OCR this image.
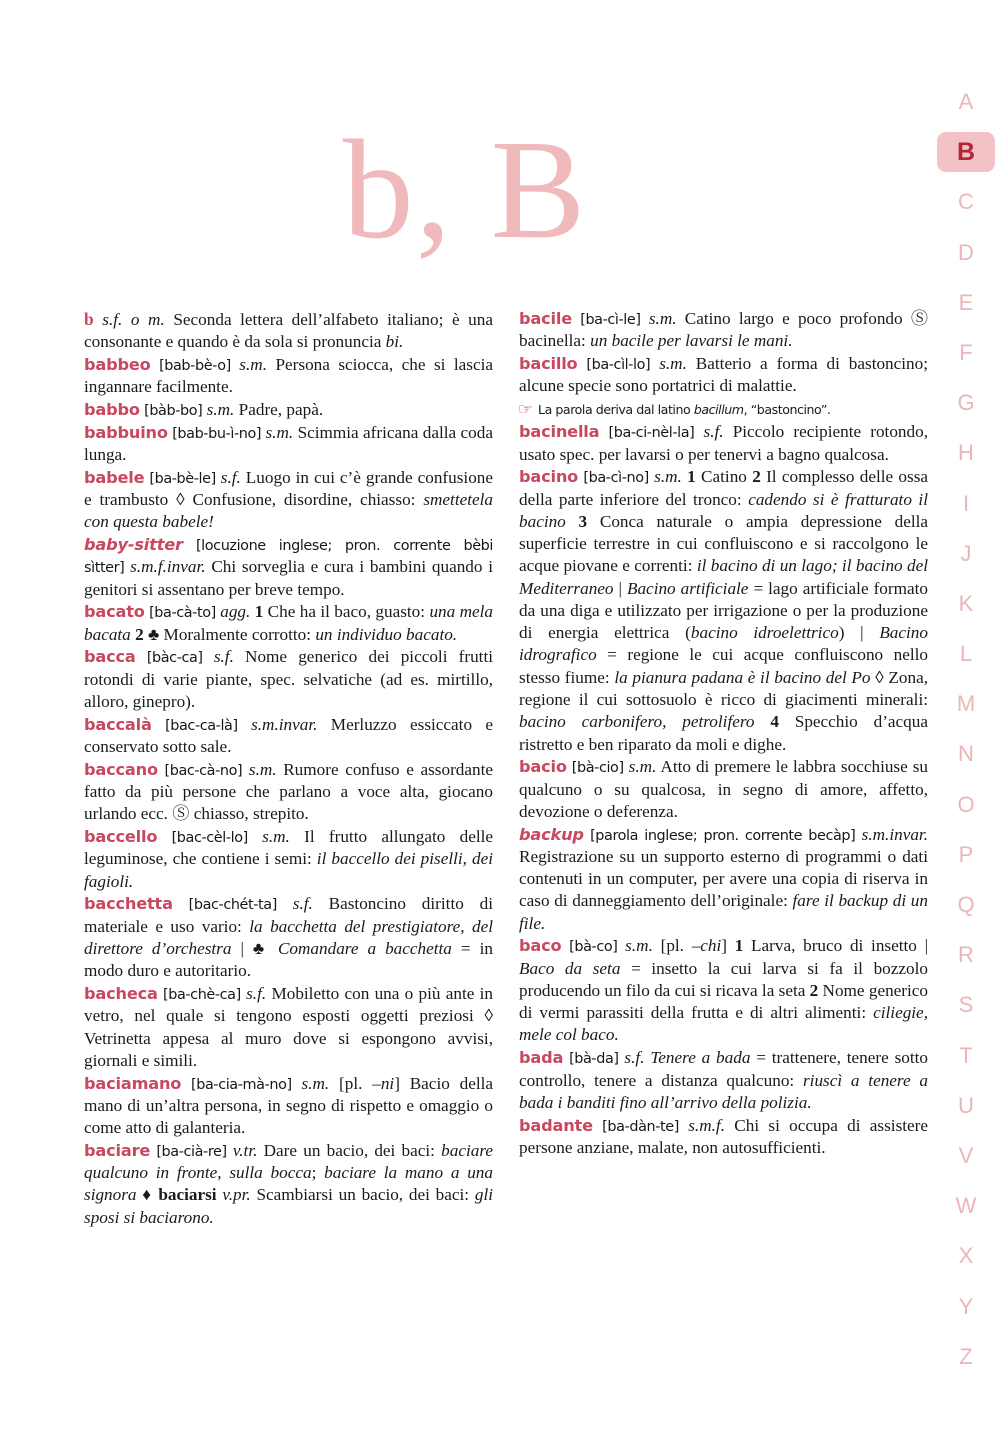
b, B

b s.f. o m. Seconda lettera dell’alfabeto italiano; è una consonante e quando è da sola si pronuncia bi.

babbeo [bab-bè-o] s.m. Persona sciocca, che si lascia ingannare facilmente.

babbo [bàb-bo] s.m. Padre, papà.

babbuino [bab-bu-ì-no] s.m. Scimmia africana dalla coda lunga.

babele [ba-bè-le] s.f. Luogo in cui c’è grande confusione e trambusto ◊ Confusione, disordine, chiasso: smettetela con questa babele!

baby-sitter [locuzione inglese; pron. corrente bèbi sìtter] s.m.f.invar. Chi sorveglia e cura i bambini quando i genitori si assentano per breve tempo.

bacato [ba-cà-to] agg. 1 Che ha il baco, guasto: una mela bacata 2 ♣ Moralmente corrotto: un individuo bacato.

bacca [bàc-ca] s.f. Nome generico dei piccoli frutti rotondi di varie piante, spec. selvatiche (ad es. mirtillo, alloro, ginepro).

baccalà [bac-ca-là] s.m.invar. Merluzzo essiccato e conservato sotto sale.

baccano [bac-cà-no] s.m. Rumore confuso e assordante fatto da più persone che parlano a voce alta, giocano urlando ecc. Ⓢ chiasso, strepito.

baccello [bac-cèl-lo] s.m. Il frutto allungato delle leguminose, che contiene i semi: il baccello dei piselli, dei fagioli.

bacchetta [bac-chét-ta] s.f. Bastoncino diritto di materiale e uso vario: la bacchetta del prestigiatore, del direttore d’orchestra | ♣ Comandare a bacchetta = in modo duro e autoritario.

bacheca [ba-chè-ca] s.f. Mobiletto con una o più ante in vetro, nel quale si tengono esposti oggetti preziosi ◊ Vetrinetta appesa al muro dove si espongono avvisi, giornali e simili.

baciamano [ba-cia-mà-no] s.m. [pl. –ni] Bacio della mano di un’altra persona, in segno di rispetto e omaggio o come atto di galanteria.

baciare [ba-cià-re] v.tr. Dare un bacio, dei baci: baciare qualcuno in fronte, sulla bocca; baciare la mano a una signora ♦ baciarsi v.pr. Scambiarsi un bacio, dei baci: gli sposi si baciarono.

bacile [ba-cì-le] s.m. Catino largo e poco profondo Ⓢ bacinella: un bacile per lavarsi le mani.

bacillo [ba-cìl-lo] s.m. Batterio a forma di bastoncino; alcune specie sono portatrici di malattie.

☞ La parola deriva dal latino bacillum, “bastoncino”.

bacinella [ba-ci-nèl-la] s.f. Piccolo recipiente rotondo, usato spec. per lavarsi o per tenervi a bagno qualcosa.

bacino [ba-cì-no] s.m. 1 Catino 2 Il complesso delle ossa della parte inferiore del tronco: cadendo si è fratturato il bacino 3 Conca naturale o ampia depressione della superficie terrestre in cui confluiscono e si raccolgono le acque piovane e correnti: il bacino di un lago; il bacino del Mediterraneo | Bacino artificiale = lago artificiale formato da una diga e utilizzato per irrigazione o per la produzione di energia elettrica (bacino idroelettrico) | Bacino idrografico = regione le cui acque confluiscono nello stesso fiume: la pianura padana è il bacino del Po ◊ Zona, regione il cui sottosuolo è ricco di giacimenti minerali: bacino carbonifero, petrolifero 4 Specchio d’acqua ristretto e ben riparato da moli e dighe.

bacio [bà-cio] s.m. Atto di premere le labbra socchiuse su qualcuno o su qualcosa, in segno di amore, affetto, devozione o deferenza.

backup [parola inglese; pron. corrente becàp] s.m.invar. Registrazione su un supporto esterno di programmi o dati contenuti in un computer, per avere una copia di riserva in caso di danneggiamento dell’originale: fare il backup di un file.

baco [bà-co] s.m. [pl. –chi] 1 Larva, bruco di insetto | Baco da seta = insetto la cui larva si fa il bozzolo producendo un filo da cui si ricava la seta 2 Nome generico di vermi parassiti della frutta e di altri alimenti: ciliegie, mele col baco.

bada [bà-da] s.f. Tenere a bada = trattenere, tenere sotto controllo, tenere a distanza qualcuno: riuscì a tenere a bada i banditi fino all’arrivo della polizia.

badante [ba-dàn-te] s.m.f. Chi si occupa di assistere persone anziane, malate, non autosufficienti.

A
B
C
D
E
F
G
H
I
J
K
L
M
N
O
P
Q
R
S
T
U
V
W
X
Y
Z
